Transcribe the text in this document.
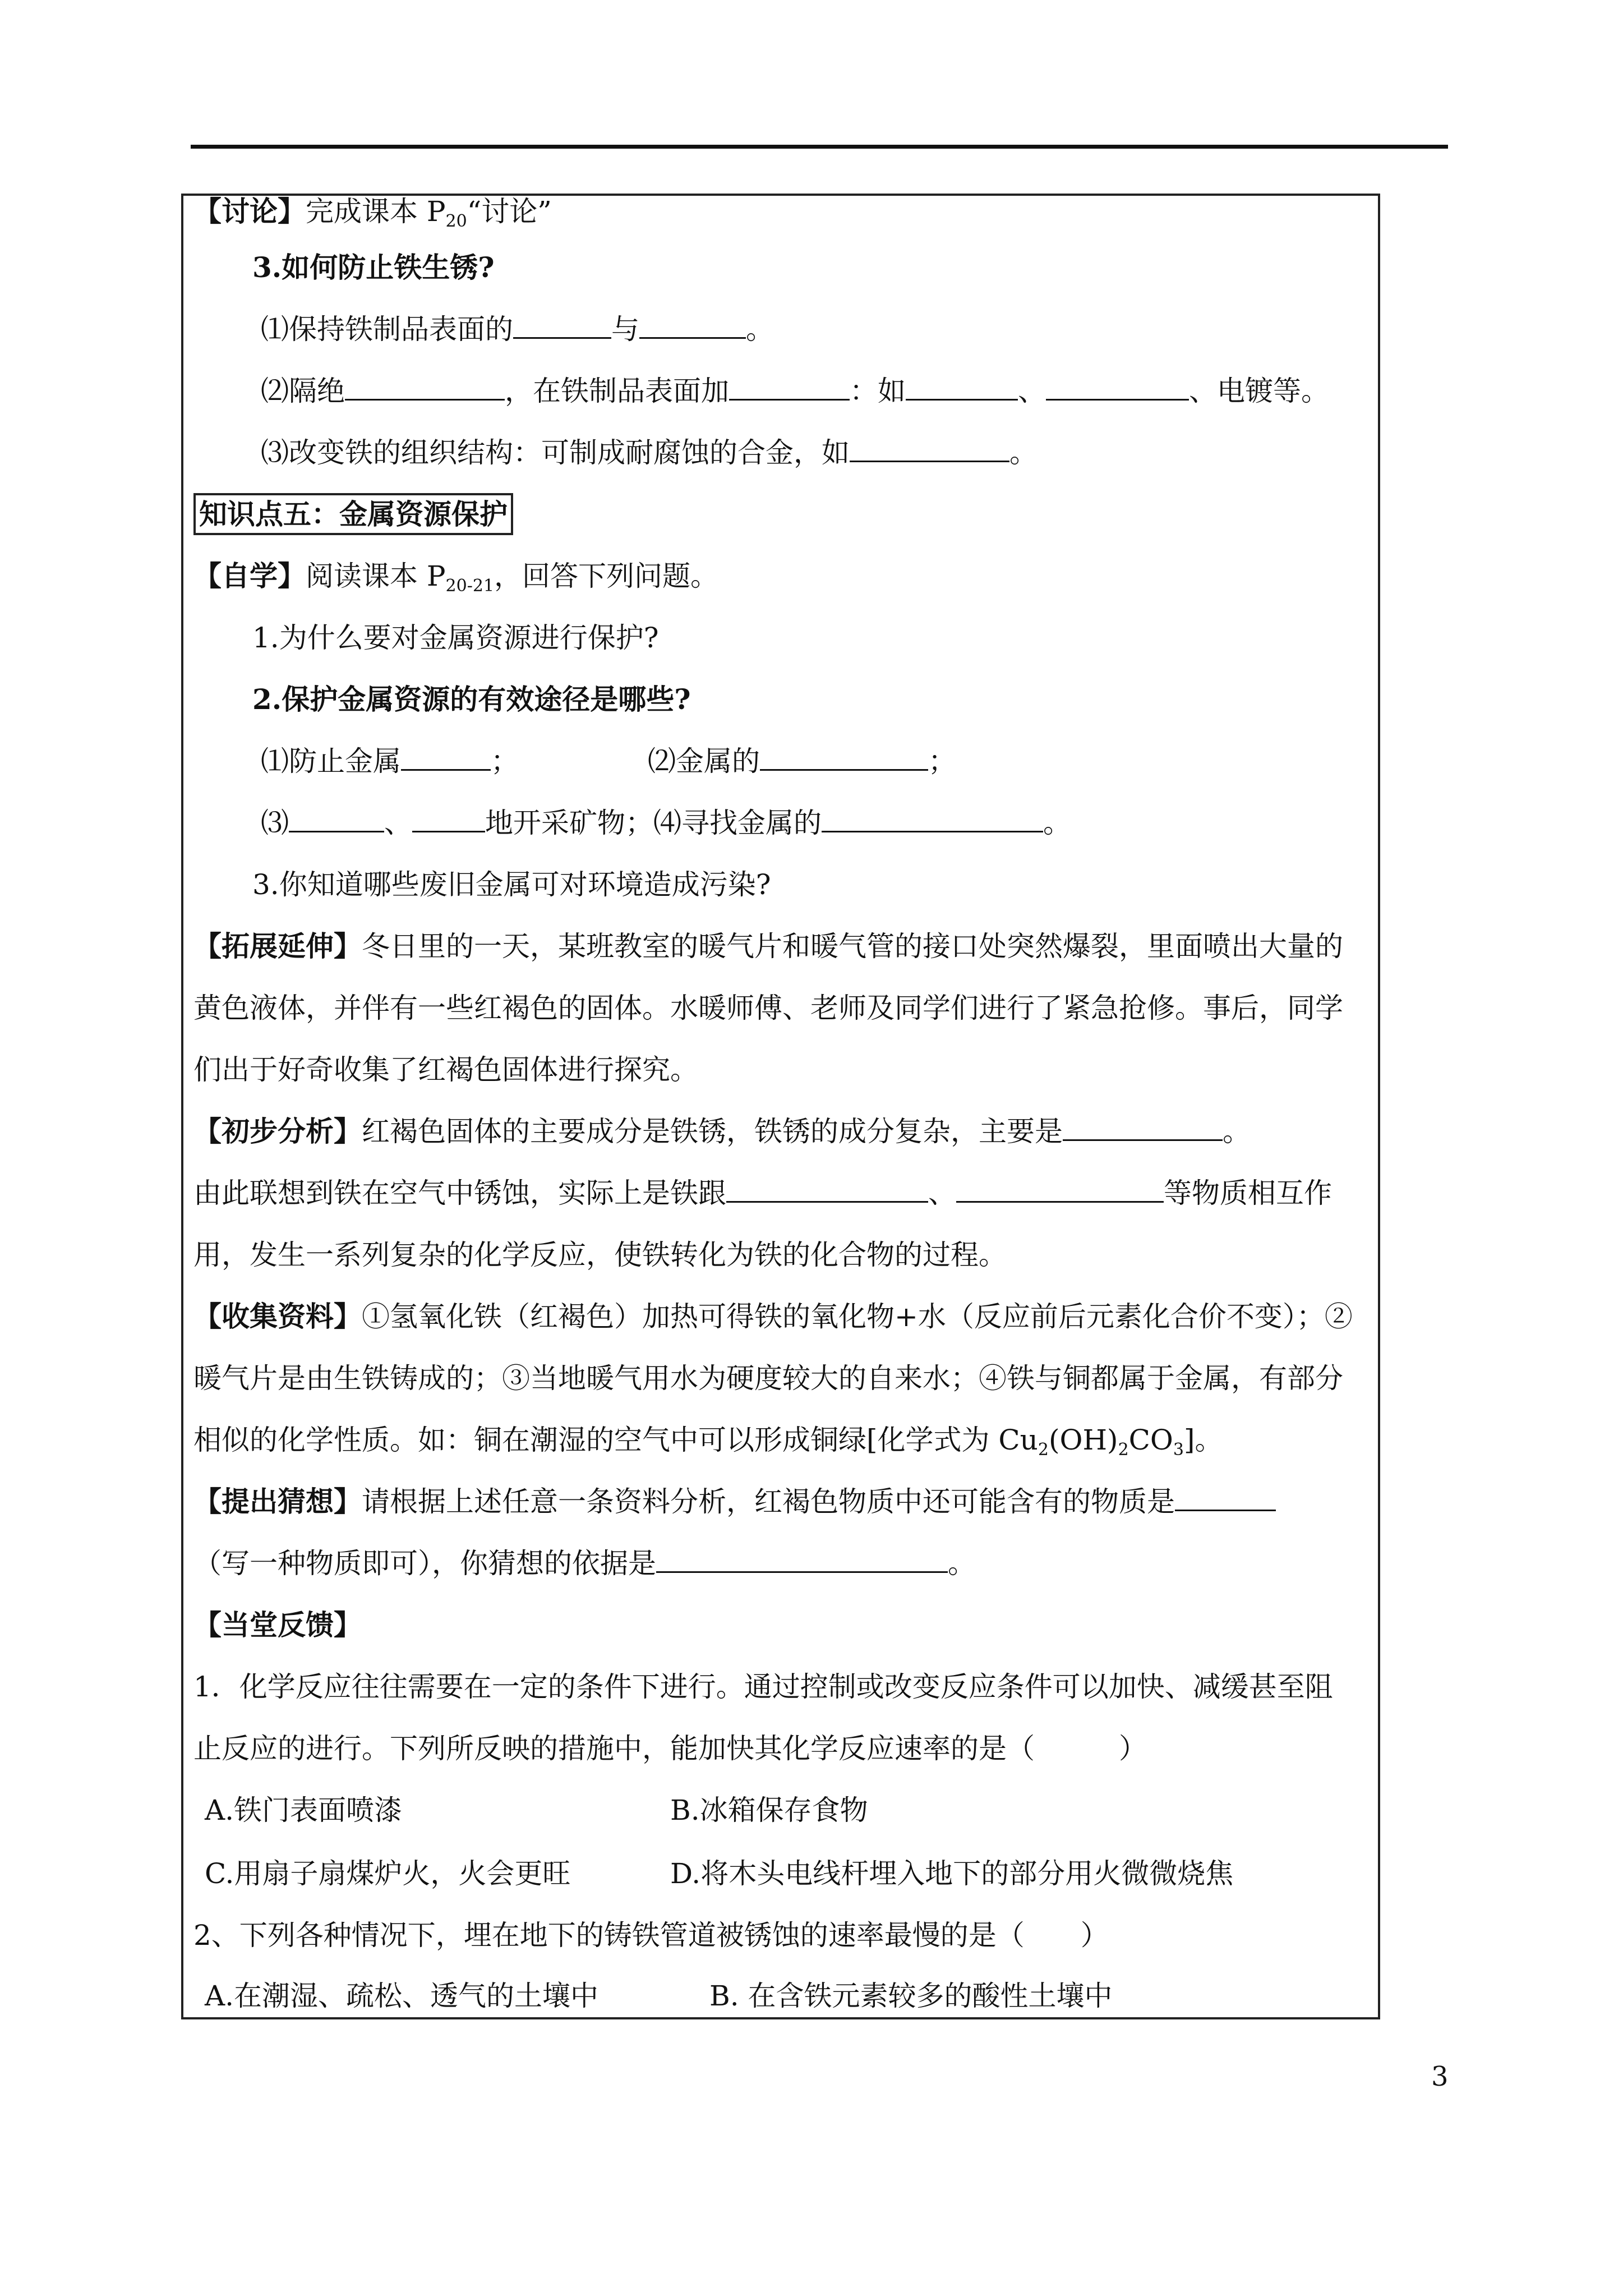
【讨论】完成课本 $P_{20}“$讨论”
3.如何防止铁生锈?
⑴保持铁制品表面的	与	。
⑵隔绝	，在铁制品表面加	：如	、	、电镀等。
⑶改变铁的组织结构：可制成耐腐蚀的合金，如	。
知识点五：金属资源保护
【自学】阅读课本 $P_{20-21}$，回答下列问题。
1.为什么要对金属资源进行保护?
2.保护金属资源的有效途径是哪些?
⑴防止金属	；	⑵金属的	；
⑶	、	地开采矿物；⑷寻找金属的	。
3.你知道哪些废旧金属可对环境造成污染?
【拓展延伸】冬日里的一天，某班教室的暖气片和暖气管的接口处突然爆裂，里面喷出大量的
黄色液体，并伴有一些红褐色的固体。水暖师傅、老师及同学们进行了紧急抢修。事后，同学
们出于好奇收集了红褐色固体进行探究。
【初步分析】红褐色固体的主要成分是铁锈，铁锈的成分复杂，主要是	。
由此联想到铁在空气中锈蚀，实际上是铁跟	、	等物质相互作
用，发生一系列复杂的化学反应，使铁转化为铁的化合物的过程。
【收集资料】①氢氧化铁（红褐色）加热可得铁的氧化物+水（反应前后元素化合价不变）；②
暖气片是由生铁铸成的；③当地暖气用水为硬度较大的自来水；④铁与铜都属于金属，有部分
相似的化学性质。如：铜在潮湿的空气中可以形成铜绿[化学式为 $Cu_2(OH)_2CO_3$]。
【提出猜想】请根据上述任意一条资料分析，红褐色物质中还可能含有的物质是
（写一种物质即可），你猜想的依据是	。
【当堂反馈】
1．化学反应往往需要在一定的条件下进行。通过控制或改变反应条件可以加快、减缓甚至阻
止反应的进行。下列所反映的措施中，能加快其化学反应速率的是（　　　）
A.铁门表面喷漆	B.冰箱保存食物
C.用扇子扇煤炉火，火会更旺	D.将木头电线杆埋入地下的部分用火微微烧焦
2、下列各种情况下，埋在地下的铸铁管道被锈蚀的速率最慢的是（　　）
3
A.在潮湿、疏松、透气的土壤中	B. 在含铁元素较多的酸性土壤中
